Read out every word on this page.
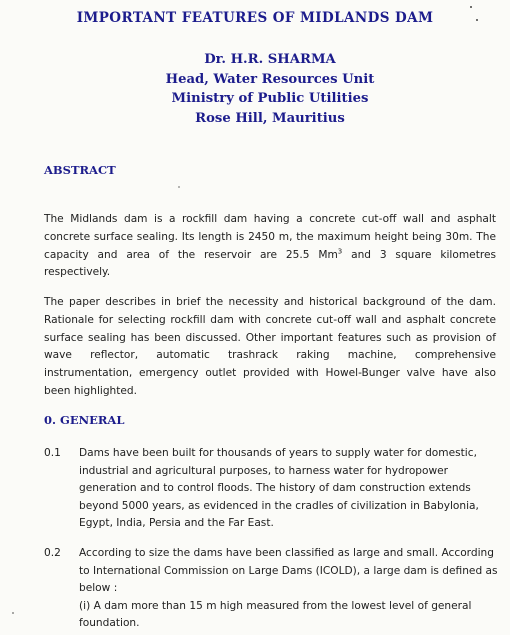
IMPORTANT FEATURES OF MIDLANDS DAM
Dr. H.R. SHARMA
Head, Water Resources Unit
Ministry of Public Utilities
Rose Hill, Mauritius
ABSTRACT
The Midlands dam is a rockfill dam having a concrete cut-off wall and asphalt concrete surface sealing. Its length is 2450 m, the maximum height being 30m. The capacity and area of the reservoir are 25.5 Mm$^3$ and 3 square kilometres respectively.
The paper describes in brief the necessity and historical background of the dam. Rationale for selecting rockfill dam with concrete cut-off wall and asphalt concrete surface sealing has been discussed. Other important features such as provision of wave reflector, automatic trashrack raking machine, comprehensive instrumentation, emergency outlet provided with Howel-Bunger valve have also been highlighted.
0. GENERAL
0.1 Dams have been built for thousands of years to supply water for domestic, industrial and agricultural purposes, to harness water for hydropower generation and to control floods. The history of dam construction extends beyond 5000 years, as evidenced in the cradles of civilization in Babylonia, Egypt, India, Persia and the Far East.
0.2 According to size the dams have been classified as large and small. According to International Commission on Large Dams (ICOLD), a large dam is defined as below :
(i) A dam more than 15 m high measured from the lowest level of general foundation.
